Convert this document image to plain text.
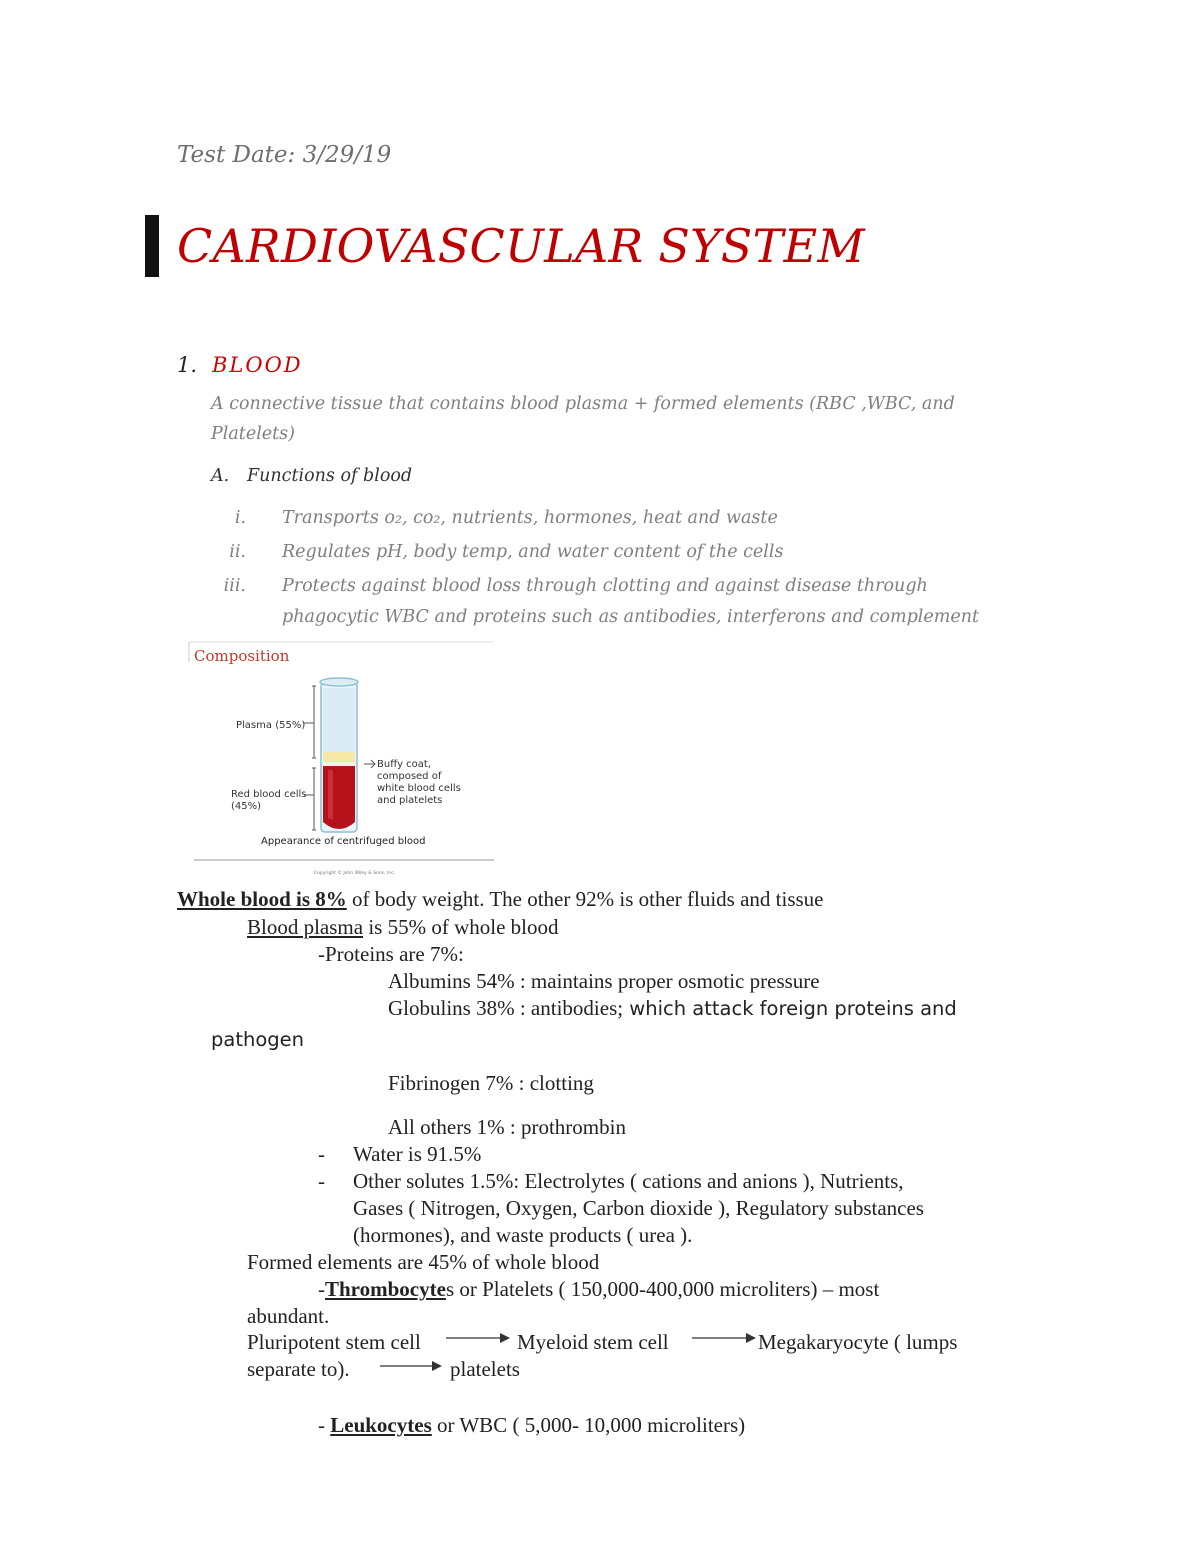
Test Date: 3/29/19
CARDIOVASCULAR SYSTEM
1. BLOOD
A connective tissue that contains blood plasma + formed elements (RBC ,WBC, and
Platelets)
A. Functions of blood
i. Transports o₂, co₂, nutrients, hormones, heat and waste
ii. Regulates pH, body temp, and water content of the cells
iii. Protects against blood loss through clotting and against disease through
phagocytic WBC and proteins such as antibodies, interferons and complement
Composition
Plasma (55%)
Red blood cells
(45%)
Buffy coat,
composed of
white blood cells
and platelets
Appearance of centrifuged blood
Copyright © John Wiley & Sons, Inc.
Whole blood is 8% of body weight. The other 92% is other fluids and tissue
Blood plasma is 55% of whole blood
-Proteins are 7%:
Albumins 54% : maintains proper osmotic pressure
Globulins 38% : antibodies; which attack foreign proteins and
pathogen
Fibrinogen 7% : clotting
All others 1% : prothrombin
- Water is 91.5%
- Other solutes 1.5%: Electrolytes ( cations and anions ), Nutrients,
Gases ( Nitrogen, Oxygen, Carbon dioxide ), Regulatory substances
(hormones), and waste products ( urea ).
Formed elements are 45% of whole blood
-Thrombocytes or Platelets ( 150,000-400,000 microliters) – most
abundant.
Pluripotent stem cell	Myeloid stem cell	Megakaryocyte ( lumps
separate to).	platelets
- Leukocytes or WBC ( 5,000- 10,000 microliters)
